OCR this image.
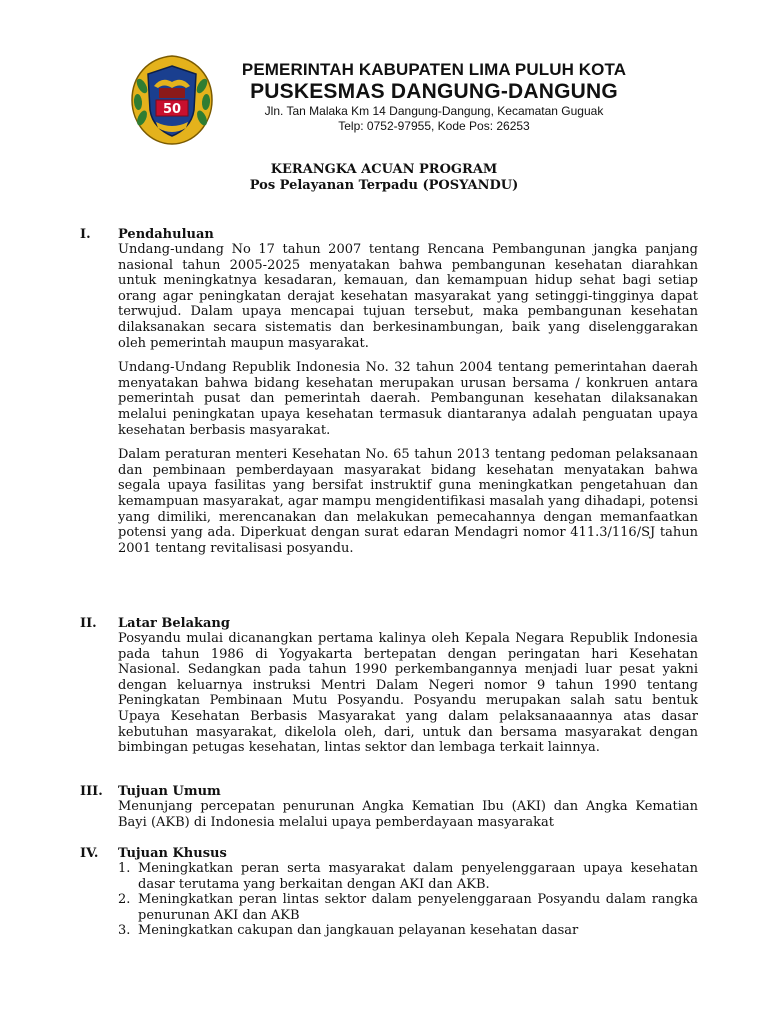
50
PEMERINTAH KABUPATEN LIMA PULUH KOTA
PUSKESMAS DANGUNG-DANGUNG
Jln. Tan Malaka Km 14 Dangung-Dangung, Kecamatan Guguak
Telp: 0752-97955, Kode Pos: 26253
KERANGKA ACUAN PROGRAM
Pos Pelayanan Terpadu (POSYANDU)
I. Pendahuluan

Undang-undang No 17 tahun 2007 tentang Rencana Pembangunan jangka panjang nasional tahun 2005-2025 menyatakan bahwa pembangunan kesehatan diarahkan untuk meningkatnya kesadaran, kemauan, dan kemampuan hidup sehat bagi setiap orang agar peningkatan derajat kesehatan masyarakat yang setinggi-tingginya dapat terwujud. Dalam upaya mencapai tujuan tersebut, maka pembangunan kesehatan dilaksanakan secara sistematis dan berkesinambungan, baik yang diselenggarakan oleh pemerintah maupun masyarakat.

Undang-Undang Republik Indonesia No. 32 tahun 2004 tentang pemerintahan daerah menyatakan bahwa bidang kesehatan merupakan urusan bersama / konkruen antara pemerintah pusat dan pemerintah daerah. Pembangunan kesehatan dilaksanakan melalui peningkatan upaya kesehatan termasuk diantaranya adalah penguatan upaya kesehatan berbasis masyarakat.

Dalam peraturan menteri Kesehatan No. 65 tahun 2013 tentang pedoman pelaksanaan dan pembinaan pemberdayaan masyarakat bidang kesehatan menyatakan bahwa segala upaya fasilitas yang bersifat instruktif guna meningkatkan pengetahuan dan kemampuan masyarakat, agar mampu mengidentifikasi masalah yang dihadapi, potensi yang dimiliki, merencanakan dan melakukan pemecahannya dengan memanfaatkan potensi yang ada. Diperkuat dengan surat edaran Mendagri nomor 411.3/116/SJ tahun 2001 tentang revitalisasi posyandu.

II. Latar Belakang

Posyandu mulai dicanangkan pertama kalinya oleh Kepala Negara Republik Indonesia pada tahun 1986 di Yogyakarta bertepatan dengan peringatan hari Kesehatan Nasional. Sedangkan pada tahun 1990 perkembangannya menjadi luar pesat yakni dengan keluarnya instruksi Mentri Dalam Negeri nomor 9 tahun 1990 tentang Peningkatan Pembinaan Mutu Posyandu. Posyandu merupakan salah satu bentuk Upaya Kesehatan Berbasis Masyarakat yang dalam pelaksanaaannya atas dasar kebutuhan masyarakat, dikelola oleh, dari, untuk dan bersama masyarakat dengan bimbingan petugas kesehatan, lintas sektor dan lembaga terkait lainnya.

III. Tujuan Umum

Menunjang percepatan penurunan Angka Kematian Ibu (AKI) dan Angka Kematian Bayi (AKB) di Indonesia melalui upaya pemberdayaan masyarakat

IV. Tujuan Khusus

1. Meningkatkan peran serta masyarakat dalam penyelenggaraan upaya kesehatan dasar terutama yang berkaitan dengan AKI dan AKB.
2. Meningkatkan peran lintas sektor dalam penyelenggaraan Posyandu dalam rangka penurunan AKI dan AKB
3. Meningkatkan cakupan dan jangkauan pelayanan kesehatan dasar
